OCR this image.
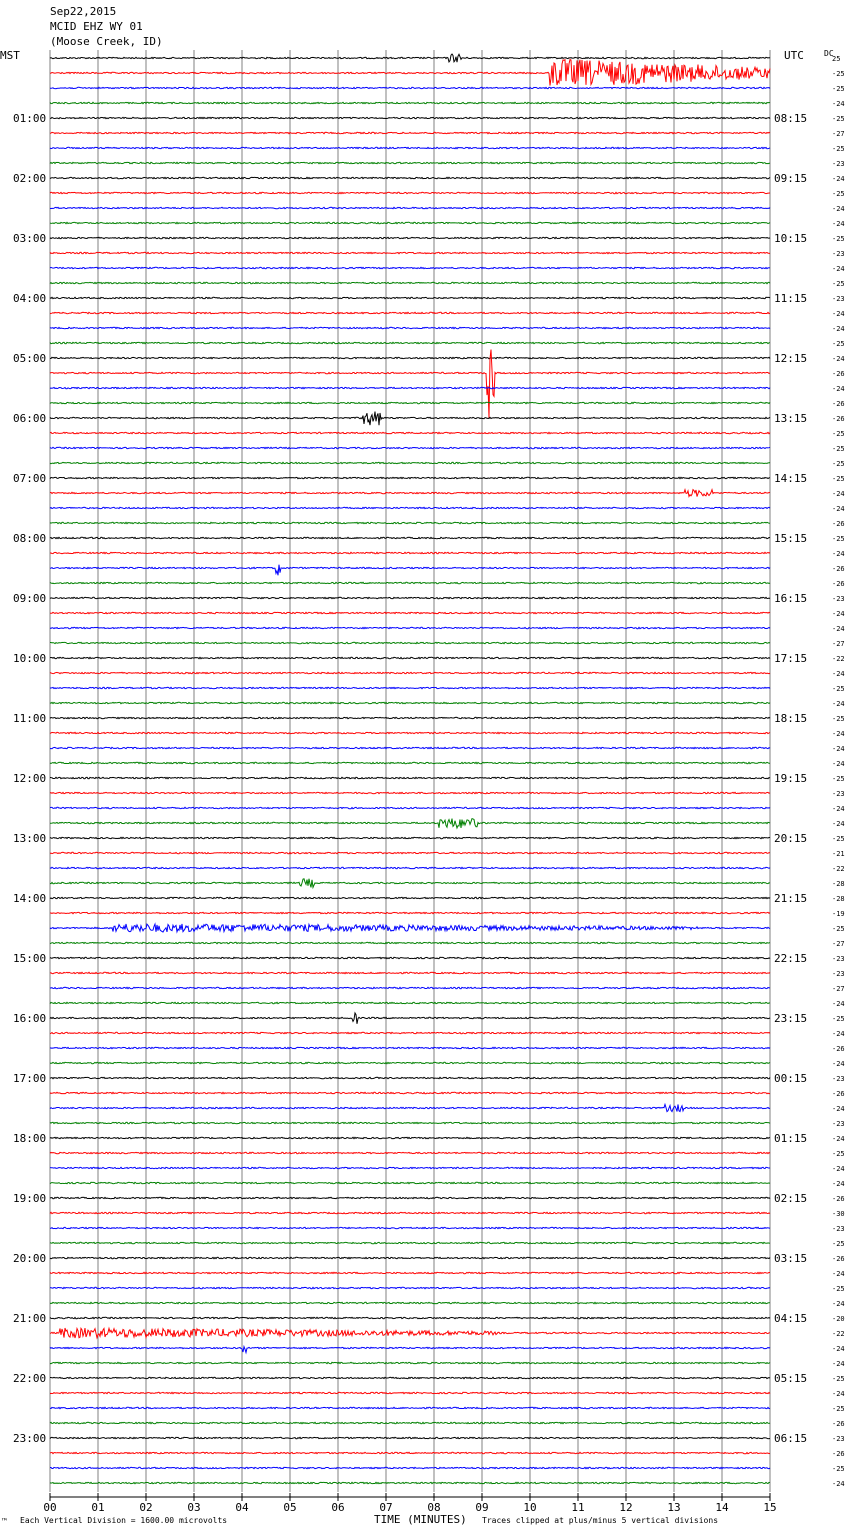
25
-25
-25
-24
-25
-27
-25
-23
-24
-25
-24
-24
-25
-23
-24
-25
-23
-24
-24
-25
-24
-26
-24
-26
-26
-25
-25
-25
-25
-24
-24
-26
-25
-24
-26
-26
-23
-24
-24
-27
-22
-24
-25
-24
-25
-24
-24
-24
-25
-23
-24
-24
-25
-21
-22
-28
-28
-19
-25
-27
-23
-23
-27
-24
-25
-24
-26
-24
-23
-26
-24
-23
-24
-25
-24
-24
-26
-30
-23
-25
-26
-24
-25
-24
-20
-22
-24
-24
-25
-24
-25
-26
-23
-26
-25
-24
01:00
02:00
03:00
04:00
05:00
06:00
07:00
08:00
09:00
10:00
11:00
12:00
13:00
14:00
15:00
16:00
17:00
18:00
19:00
20:00
21:00
22:00
23:00
08:15
09:15
10:15
11:15
12:15
13:15
14:15
15:15
16:15
17:15
18:15
19:15
20:15
21:15
22:15
23:15
00:15
01:15
02:15
03:15
04:15
05:15
06:15
00	01	02	03	04	05	06	07	08	09	10	11	12	13	14	15
Sep22,2015
MCID EHZ WY 01
(Moose Creek, ID)
MST	UTC	DC
™ Each Vertical Division = 1600.00 microvolts	TIME (MINUTES) Traces clipped at plus/minus 5 vertical divisions
